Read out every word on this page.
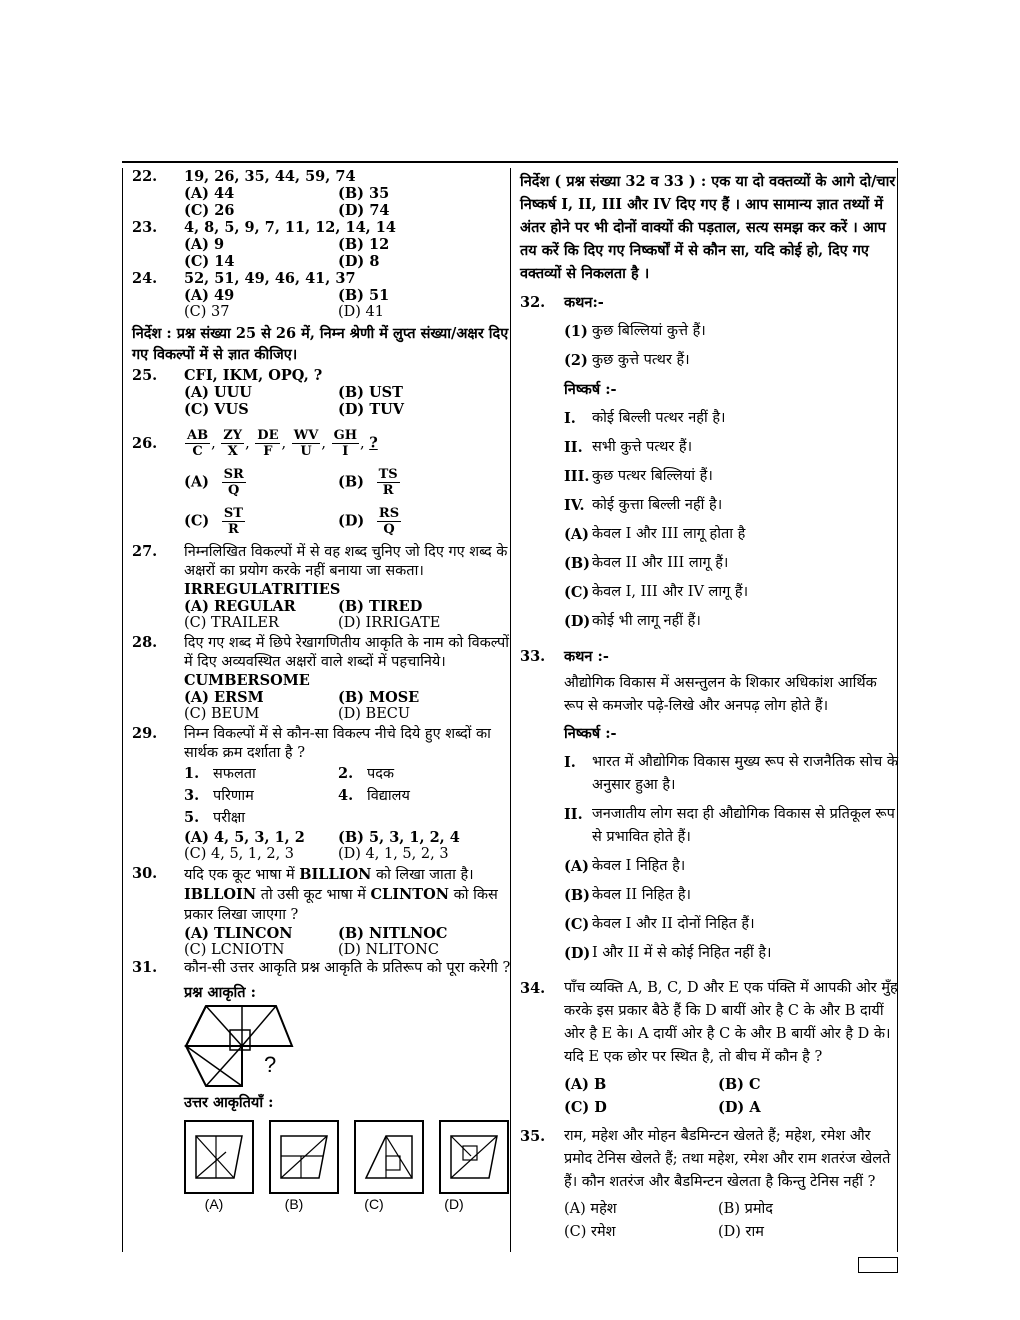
22.	19, 26, 35, 44, 59, 74
(A) 44	(B) 35
(C) 26	(D) 74
23.	4, 8, 5, 9, 7, 11, 12, 14, 14
(A) 9	(B) 12
(C) 14	(D) 8
24.	52, 51, 49, 46, 41, 37
(A) 49	(B) 51
(C) 37	(D) 41
निर्देश : प्रश्न संख्या 25 से 26 में, निम्न श्रेणी में लुप्त संख्या/अक्षर दिए गए विकल्पों में से ज्ञात कीजिए।
25.	CFI, IKM, OPQ, ?
(A) UUU	(B) UST
(C) VUS	(D) TUV
26.	$\frac{AB}{C}$ , $\frac{ZY}{X}$ , $\frac{DE}{F}$ , $\frac{WV}{U}$ , $\frac{GH}{I}$ , ?
$(A) \frac{SR}{Q}$	$(B) \frac{TS}{R}$
$(C) \frac{ST}{R}$	$(D) \frac{RS}{Q}$
27.	निम्नलिखित विकल्पों में से वह शब्द चुनिए जो दिए गए शब्द के अक्षरों का प्रयोग करके नहीं बनाया जा सकता।
IRREGULATRITIES
(A) REGULAR	(B) TIRED
(C) TRAILER	(D) IRRIGATE
28.	दिए गए शब्द में छिपे रेखागणितीय आकृति के नाम को विकल्पों में दिए अव्यवस्थित अक्षरों वाले शब्दों में पहचानिये।
CUMBERSOME
(A) ERSM	(B) MOSE
(C) BEUM	(D) BECU
29.	निम्न विकल्पों में से कौन-सा विकल्प नीचे दिये हुए शब्दों का सार्थक क्रम दर्शाता है ?
1. सफलता	2. पदक
3. परिणाम	4. विद्यालय
5. परीक्षा
(A) 4, 5, 3, 1, 2	(B) 5, 3, 1, 2, 4
(C) 4, 5, 1, 2, 3	(D) 4, 1, 5, 2, 3
30.	यदि एक कूट भाषा में BILLION को लिखा जाता है। IBLLOIN तो उसी कूट भाषा में CLINTON को किस प्रकार लिखा जाएगा ?
(A) TLINCON	(B) NITLNOC
(C) LCNIOTN	(D) NLITONC
31.	कौन-सी उत्तर आकृति प्रश्न आकृति के प्रतिरूप को पूरा करेगी ?
प्रश्न आकृति :
?
उत्तर आकृतियाँ :

(A)	(B)	(C)	(D)
निर्देश ( प्रश्न संख्या 32 व 33 ) : एक या दो वक्तव्यों के आगे दो/चार निष्कर्ष I, II, III और IV दिए गए हैं । आप सामान्य ज्ञात तथ्यों में अंतर होने पर भी दोनों वाक्यों की पड़ताल, सत्य समझ कर करें । आप तय करें कि दिए गए निष्कर्षों में से कौन सा, यदि कोई हो, दिए गए वक्तव्यों से निकलता है ।
32.	कथन:-
(1) कुछ बिल्लियां कुत्ते हैं।
(2) कुछ कुत्ते पत्थर हैं।
निष्कर्ष :-
I.	कोई बिल्ली पत्थर नहीं है।
II. सभी कुत्ते पत्थर हैं।
III. कुछ पत्थर बिल्लियां हैं।
IV. कोई कुत्ता बिल्ली नहीं है।
(A) केवल I और III लागू होता है
(B) केवल II और III लागू हैं।
(C) केवल I, III और IV लागू हैं।
(D) कोई भी लागू नहीं हैं।
33.	कथन :-
औद्योगिक विकास में असन्तुलन के शिकार अधिकांश आर्थिक रूप से कमजोर पढ़े-लिखे और अनपढ़ लोग होते हैं।
निष्कर्ष :-
I.	भारत में औद्योगिक विकास मुख्य रूप से राजनैतिक सोच के अनुसार हुआ है।
II. जनजातीय लोग सदा ही औद्योगिक विकास से प्रतिकूल रूप से प्रभावित होते हैं।
(A) केवल I निहित है।
(B) केवल II निहित है।
(C) केवल I और II दोनों निहित हैं।
(D) I और II में से कोई निहित नहीं है।
34.	पाँच व्यक्ति A, B, C, D और E एक पंक्ति में आपकी ओर मुँह करके इस प्रकार बैठे हैं कि D बायीं ओर है C के और B दायीं ओर है E के। A दायीं ओर है C के और B बायीं ओर है D के। यदि E एक छोर पर स्थित है, तो बीच में कौन है ?
(A) B	(B) C
(C) D	(D) A
35.	राम, महेश और मोहन बैडमिन्टन खेलते हैं; महेश, रमेश और प्रमोद टेनिस खेलते हैं; तथा महेश, रमेश और राम शतरंज खेलते हैं। कौन शतरंज और बैडमिन्टन खेलता है किन्तु टेनिस नहीं ?
(A) महेश	(B) प्रमोद
(C) रमेश	(D) राम
